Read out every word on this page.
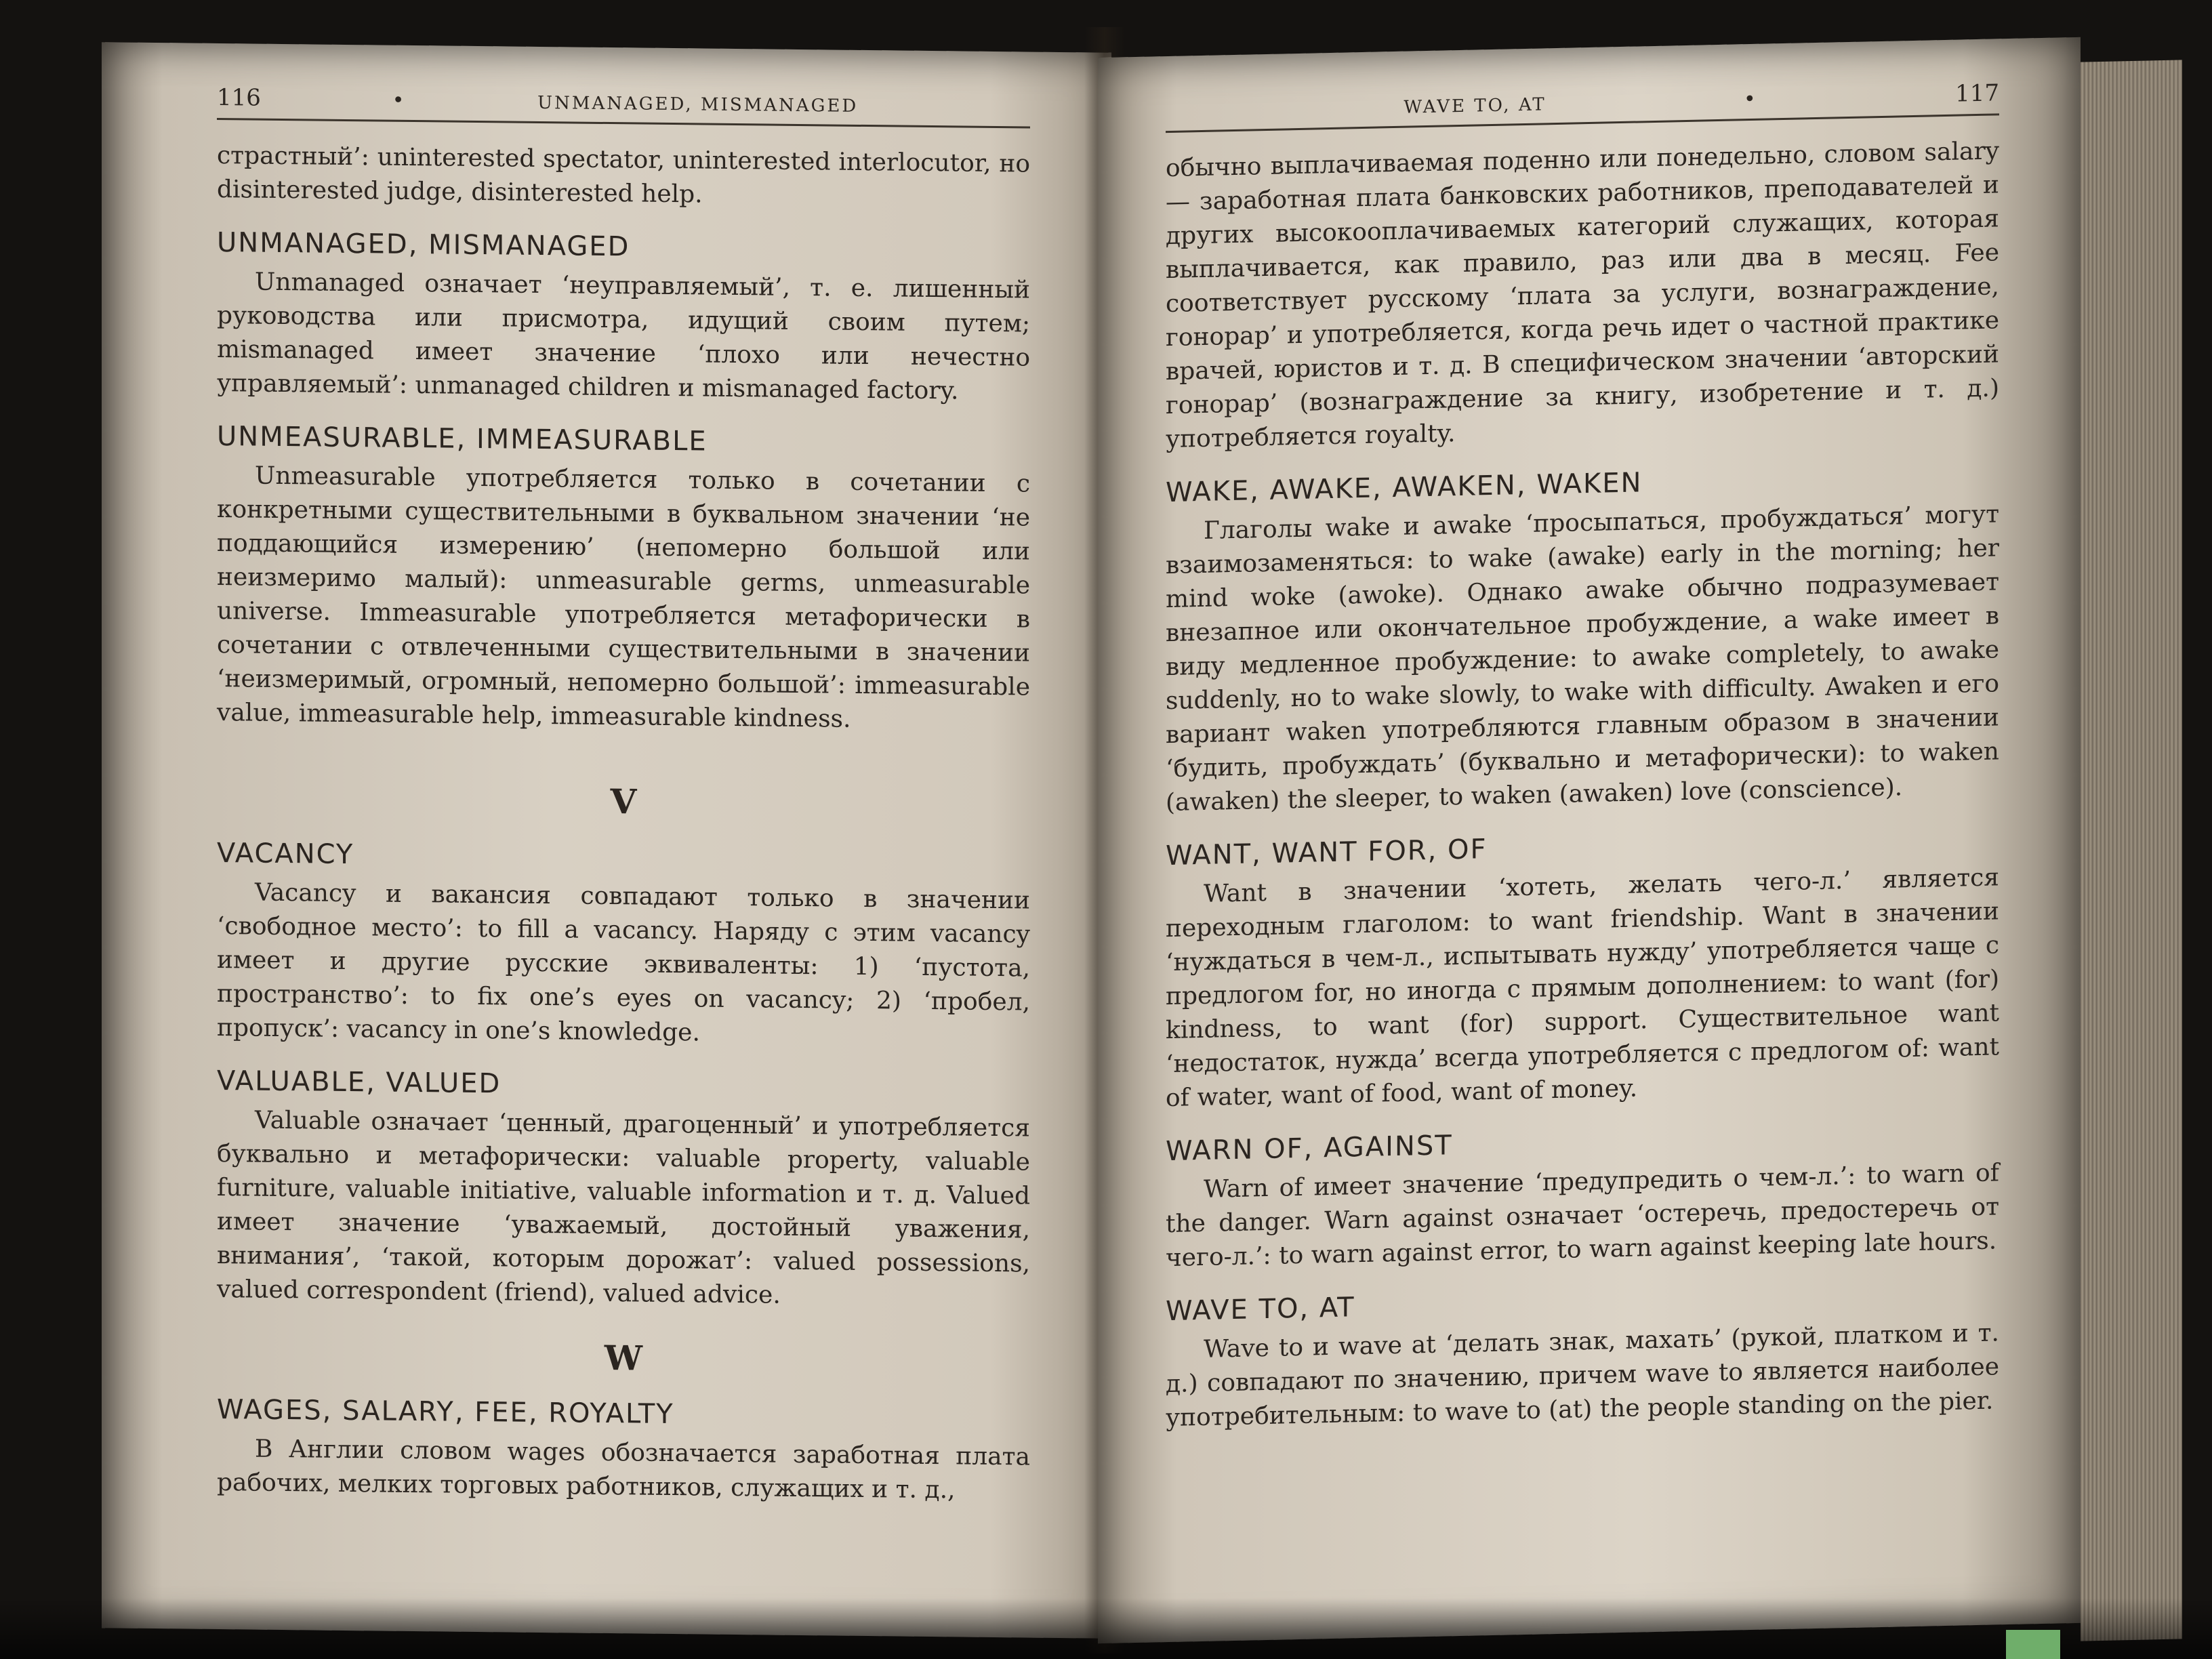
116	•	UNMANAGED, MISMANAGED

страстный’: uninterested spectator, uninterested interlocutor, но disinterested judge, disinterested help.

UNMANAGED, MISMANAGED

Unmanaged означает ‘неуправляемый’, т. е. лишенный руководства или присмотра, идущий своим путем; mismanaged имеет значение ‘плохо или нечестно управляемый’: unmanaged children и mismanaged factory.

UNMEASURABLE, IMMEASURABLE

Unmeasurable употребляется только в сочетании с конкретными существительными в буквальном значении ‘не поддающийся измерению’ (непомерно большой или неизмеримо малый): unmeasurable germs, unmeasurable universe. Immeasurable употребляется метафорически в сочетании с отвлеченными существительными в значении ‘неизмеримый, огромный, непомерно большой’: immeasurable value, immeasurable help, immeasurable kindness.

V
VACANCY

Vacancy и вакансия совпадают только в значении ‘свободное место’: to fill a vacancy. Наряду с этим vacancy имеет и другие русские эквиваленты: 1) ‘пустота, пространство’: to fix one’s eyes on vacancy; 2) ‘пробел, пропуск’: vacancy in one’s knowledge.

VALUABLE, VALUED

Valuable означает ‘ценный, драгоценный’ и употребляется буквально и метафорически: valuable property, valuable furniture, valuable initiative, valuable information и т. д. Valued имеет значение ‘уважаемый, достойный уважения, внимания’, ‘такой, которым дорожат’: valued possessions, valued correspondent (friend), valued advice.

W
WAGES, SALARY, FEE, ROYALTY

В Англии словом wages обозначается заработная плата рабочих, мелких торговых работников, служащих и т. д.,

WAVE TO, AT	•	117

обычно выплачиваемая поденно или понедельно, словом salary — заработная плата банковских работников, преподавателей и других высокооплачиваемых категорий служащих, которая выплачивается, как правило, раз или два в месяц. Fee соответствует русскому ‘плата за услуги, вознаграждение, гонорар’ и употребляется, когда речь идет о частной практике врачей, юристов и т. д. В специфическом значении ‘авторский гонорар’ (вознаграждение за книгу, изобретение и т. д.) употребляется royalty.

WAKE, AWAKE, AWAKEN, WAKEN

Глаголы wake и awake ‘просыпаться, пробуждаться’ могут взаимозаменяться: to wake (awake) early in the morning; her mind woke (awoke). Однако awake обычно подразумевает внезапное или окончательное пробуждение, а wake имеет в виду медленное пробуждение: to awake completely, to awake suddenly, но to wake slowly, to wake with difficulty. Awaken и его вариант waken употребляются главным образом в значении ‘будить, пробуждать’ (буквально и метафорически): to waken (awaken) the sleeper, to waken (awaken) love (conscience).

WANT, WANT FOR, OF

Want в значении ‘хотеть, желать чего-л.’ является переходным глаголом: to want friendship. Want в значении ‘нуждаться в чем-л., испытывать нужду’ употребляется чаще с предлогом for, но иногда с прямым дополнением: to want (for) kindness, to want (for) support. Существительное want ‘недостаток, нужда’ всегда употребляется с предлогом of: want of water, want of food, want of money.

WARN OF, AGAINST

Warn of имеет значение ‘предупредить о чем-л.’: to warn of the danger. Warn against означает ‘остеречь, предостеречь от чего-л.’: to warn against error, to warn against keeping late hours.

WAVE TO, AT

Wave to и wave at ‘делать знак, махать’ (рукой, платком и т. д.) совпадают по значению, причем wave to является наиболее употребительным: to wave to (at) the people standing on the pier.
